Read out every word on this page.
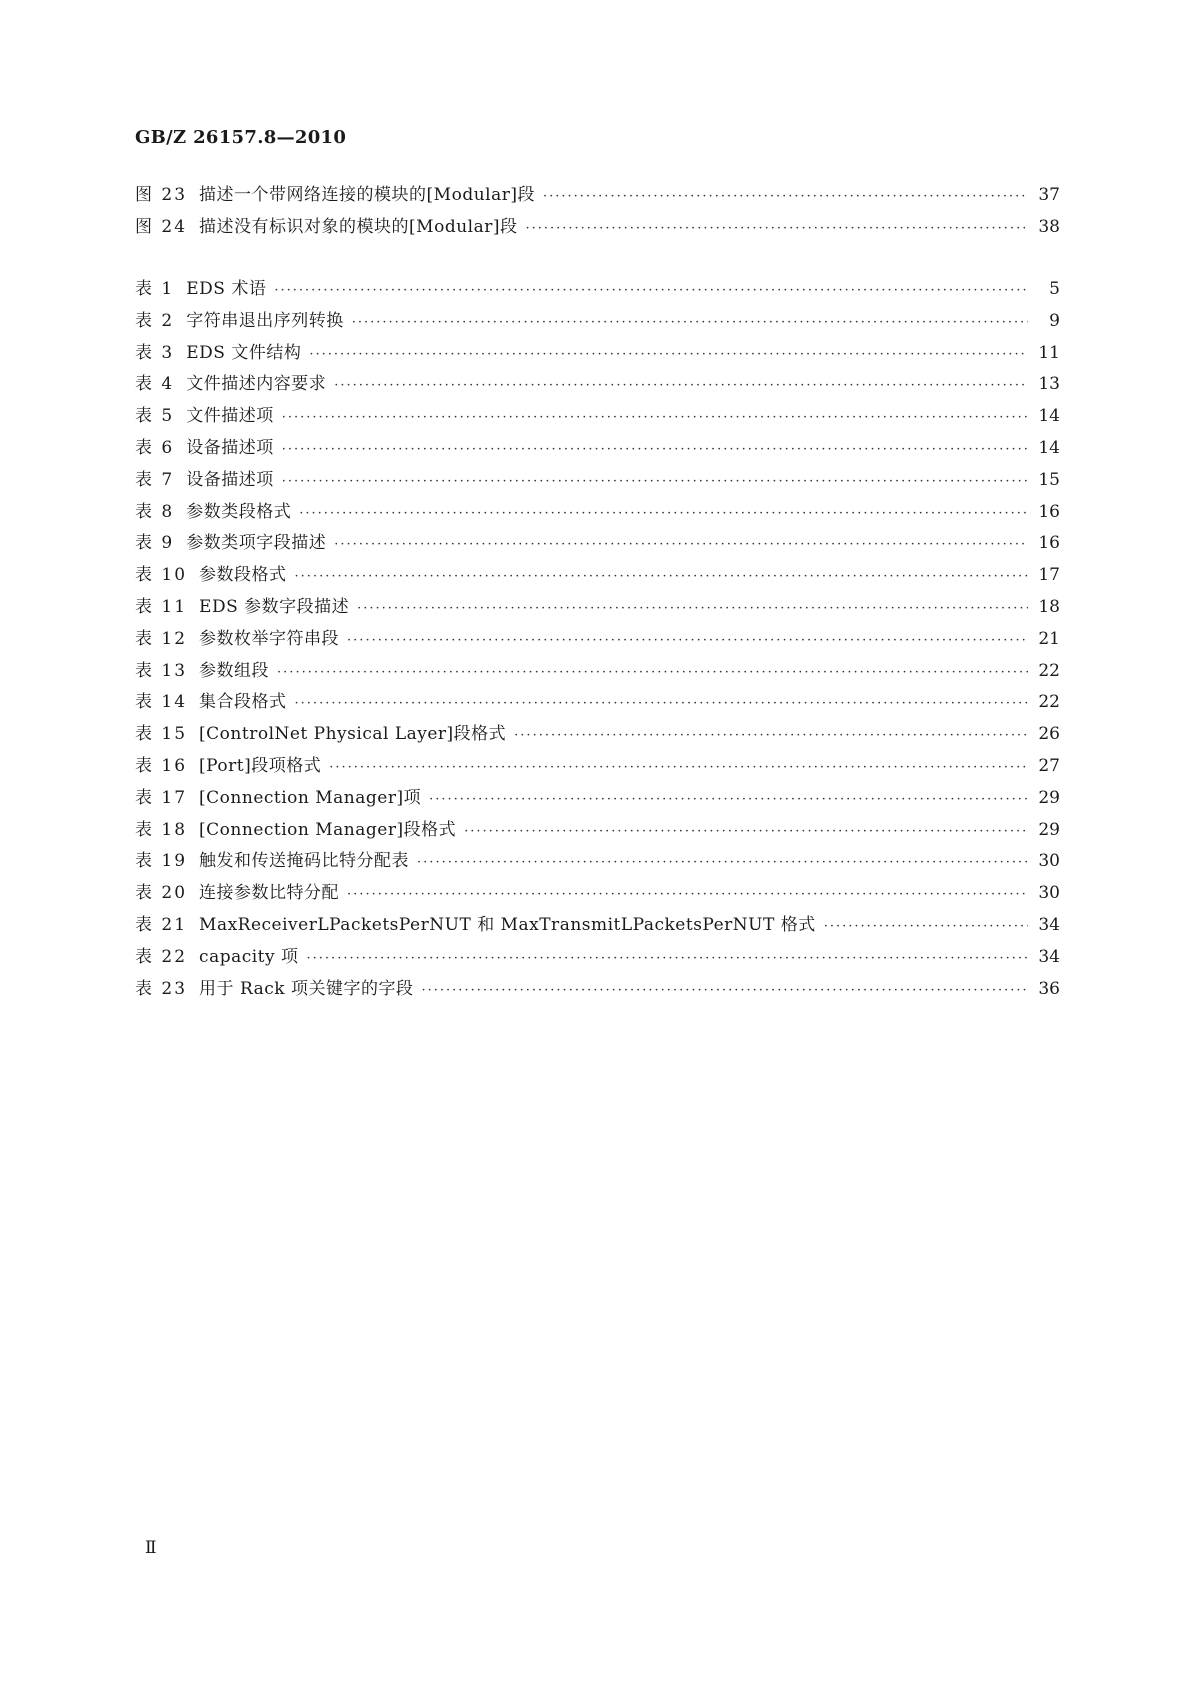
GB/Z 26157.8—2010
图 23 描述一个带网络连接的模块的[Modular]段 ·····	37
图 24 描述没有标识对象的模块的[Modular]段 ·····	38
表 1 EDS 术语 ·····	5
表 2 字符串退出序列转换 ·····	9
表 3 EDS 文件结构 ·····	11
表 4 文件描述内容要求 ·····	13
表 5 文件描述项 ·····	14
表 6 设备描述项 ·····	14
表 7 设备描述项 ·····	15
表 8 参数类段格式 ·····	16
表 9 参数类项字段描述 ·····	16
表 10 参数段格式 ·····	17
表 11 EDS 参数字段描述 ·····	18
表 12 参数枚举字符串段 ·····	21
表 13 参数组段 ·····	22
表 14 集合段格式 ·····	22
表 15 [ControlNet Physical Layer]段格式 ·····	26
表 16 [Port]段项格式 ·····	27
表 17 [Connection Manager]项 ·····	29
表 18 [Connection Manager]段格式 ·····	29
表 19 触发和传送掩码比特分配表 ·····	30
表 20 连接参数比特分配 ·····	30
表 21 MaxReceiverLPacketsPerNUT 和 MaxTransmitLPacketsPerNUT 格式 ·····	34
表 22 capacity 项 ·····	34
表 23 用于 Rack 项关键字的字段 ·····	36
Ⅱ
